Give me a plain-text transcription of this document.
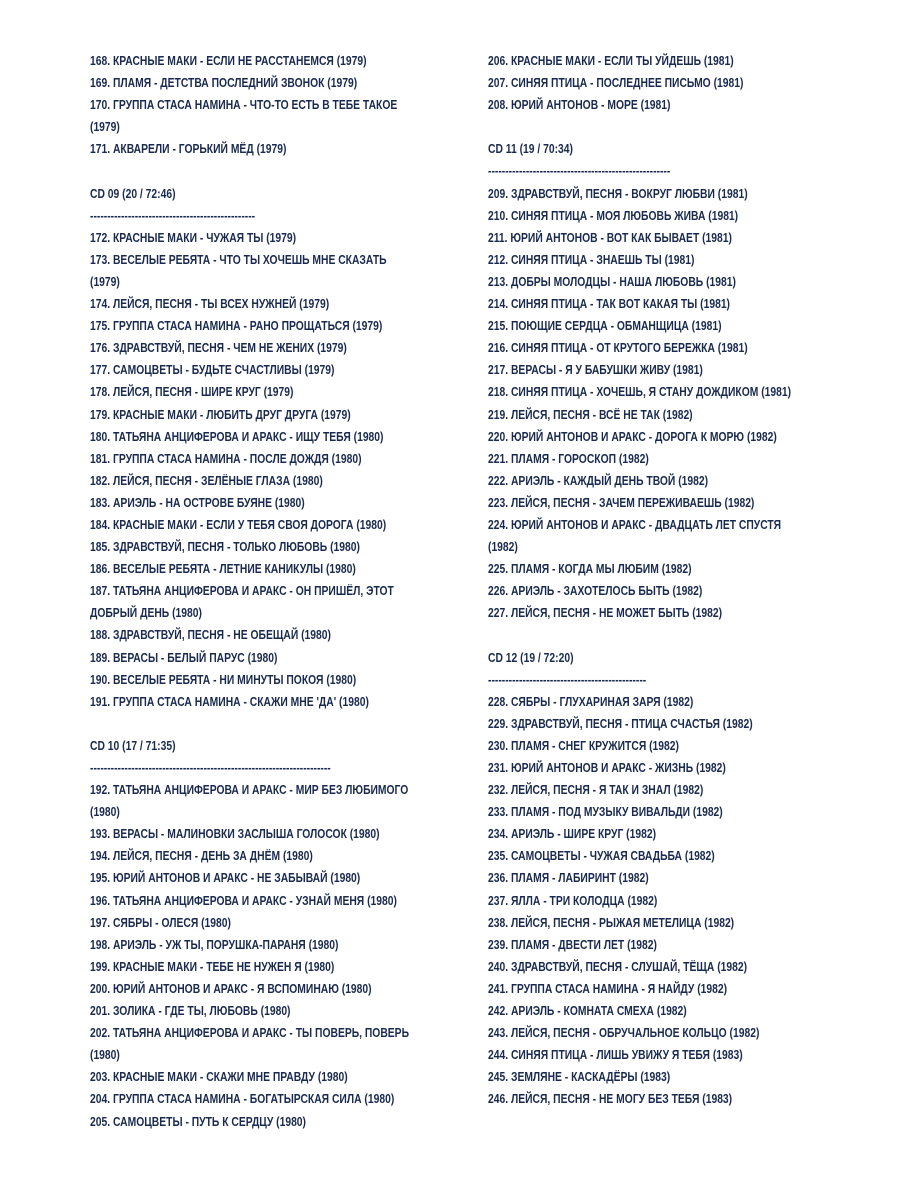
168. КРАСНЫЕ МАКИ - ЕСЛИ НЕ РАССТАНЕМСЯ (1979)
169. ПЛАМЯ - ДЕТСТВА ПОСЛЕДНИЙ ЗВОНОК (1979)
170. ГРУППА СТАСА НАМИНА - ЧТО-ТО ЕСТЬ В ТЕБЕ ТАКОЕ
(1979)
171. АКВАРЕЛИ - ГОРЬКИЙ МЁД (1979)
CD 09 (20 / 72:46)
------------------------------------------------
172. КРАСНЫЕ МАКИ - ЧУЖАЯ ТЫ (1979)
173. ВЕСЕЛЫЕ РЕБЯТА - ЧТО ТЫ ХОЧЕШЬ МНЕ СКАЗАТЬ
(1979)
174. ЛЕЙСЯ, ПЕСНЯ - ТЫ ВСЕХ НУЖНЕЙ (1979)
175. ГРУППА СТАСА НАМИНА - РАНО ПРОЩАТЬСЯ (1979)
176. ЗДРАВСТВУЙ, ПЕСНЯ - ЧЕМ НЕ ЖЕНИХ (1979)
177. САМОЦВЕТЫ - БУДЬТЕ СЧАСТЛИВЫ (1979)
178. ЛЕЙСЯ, ПЕСНЯ - ШИРЕ КРУГ (1979)
179. КРАСНЫЕ МАКИ - ЛЮБИТЬ ДРУГ ДРУГА (1979)
180. ТАТЬЯНА АНЦИФЕРОВА И АРАКС - ИЩУ ТЕБЯ (1980)
181. ГРУППА СТАСА НАМИНА - ПОСЛЕ ДОЖДЯ (1980)
182. ЛЕЙСЯ, ПЕСНЯ - ЗЕЛЁНЫЕ ГЛАЗА (1980)
183. АРИЭЛЬ - НА ОСТРОВЕ БУЯНЕ (1980)
184. КРАСНЫЕ МАКИ - ЕСЛИ У ТЕБЯ СВОЯ ДОРОГА (1980)
185. ЗДРАВСТВУЙ, ПЕСНЯ - ТОЛЬКО ЛЮБОВЬ (1980)
186. ВЕСЕЛЫЕ РЕБЯТА - ЛЕТНИЕ КАНИКУЛЫ (1980)
187. ТАТЬЯНА АНЦИФЕРОВА И АРАКС - ОН ПРИШЁЛ, ЭТОТ
ДОБРЫЙ ДЕНЬ (1980)
188. ЗДРАВСТВУЙ, ПЕСНЯ - НЕ ОБЕЩАЙ (1980)
189. ВЕРАСЫ - БЕЛЫЙ ПАРУС (1980)
190. ВЕСЕЛЫЕ РЕБЯТА - НИ МИНУТЫ ПОКОЯ (1980)
191. ГРУППА СТАСА НАМИНА - СКАЖИ МНЕ 'ДА' (1980)
CD 10 (17 / 71:35)
----------------------------------------------------------------------
192. ТАТЬЯНА АНЦИФЕРОВА И АРАКС - МИР БЕЗ ЛЮБИМОГО
(1980)
193. ВЕРАСЫ - МАЛИНОВКИ ЗАСЛЫША ГОЛОСОК (1980)
194. ЛЕЙСЯ, ПЕСНЯ - ДЕНЬ ЗА ДНЁМ (1980)
195. ЮРИЙ АНТОНОВ И АРАКС - НЕ ЗАБЫВАЙ (1980)
196. ТАТЬЯНА АНЦИФЕРОВА И АРАКС - УЗНАЙ МЕНЯ (1980)
197. СЯБРЫ - ОЛЕСЯ (1980)
198. АРИЭЛЬ - УЖ ТЫ, ПОРУШКА-ПАРАНЯ (1980)
199. КРАСНЫЕ МАКИ - ТЕБЕ НЕ НУЖЕН Я (1980)
200. ЮРИЙ АНТОНОВ И АРАКС - Я ВСПОМИНАЮ (1980)
201. ЗОЛИКА - ГДЕ ТЫ, ЛЮБОВЬ (1980)
202. ТАТЬЯНА АНЦИФЕРОВА И АРАКС - ТЫ ПОВЕРЬ, ПОВЕРЬ
(1980)
203. КРАСНЫЕ МАКИ - СКАЖИ МНЕ ПРАВДУ (1980)
204. ГРУППА СТАСА НАМИНА - БОГАТЫРСКАЯ СИЛА (1980)
205. САМОЦВЕТЫ - ПУТЬ К СЕРДЦУ (1980)
206. КРАСНЫЕ МАКИ - ЕСЛИ ТЫ УЙДЕШЬ (1981)
207. СИНЯЯ ПТИЦА - ПОСЛЕДНЕЕ ПИСЬМО (1981)
208. ЮРИЙ АНТОНОВ - МОРЕ (1981)
CD 11 (19 / 70:34)
-----------------------------------------------------
209. ЗДРАВСТВУЙ, ПЕСНЯ - ВОКРУГ ЛЮБВИ (1981)
210. СИНЯЯ ПТИЦА - МОЯ ЛЮБОВЬ ЖИВА (1981)
211. ЮРИЙ АНТОНОВ - ВОТ КАК БЫВАЕТ (1981)
212. СИНЯЯ ПТИЦА - ЗНАЕШЬ ТЫ (1981)
213. ДОБРЫ МОЛОДЦЫ - НАША ЛЮБОВЬ (1981)
214. СИНЯЯ ПТИЦА - ТАК ВОТ КАКАЯ ТЫ (1981)
215. ПОЮЩИЕ СЕРДЦА - ОБМАНЩИЦА (1981)
216. СИНЯЯ ПТИЦА - ОТ КРУТОГО БЕРЕЖКА (1981)
217. ВЕРАСЫ - Я У БАБУШКИ ЖИВУ (1981)
218. СИНЯЯ ПТИЦА - ХОЧЕШЬ, Я СТАНУ ДОЖДИКОМ (1981)
219. ЛЕЙСЯ, ПЕСНЯ - ВСЁ НЕ ТАК (1982)
220. ЮРИЙ АНТОНОВ И АРАКС - ДОРОГА К МОРЮ (1982)
221. ПЛАМЯ - ГОРОСКОП (1982)
222. АРИЭЛЬ - КАЖДЫЙ ДЕНЬ ТВОЙ (1982)
223. ЛЕЙСЯ, ПЕСНЯ - ЗАЧЕМ ПЕРЕЖИВАЕШЬ (1982)
224. ЮРИЙ АНТОНОВ И АРАКС - ДВАДЦАТЬ ЛЕТ СПУСТЯ
(1982)
225. ПЛАМЯ - КОГДА МЫ ЛЮБИМ (1982)
226. АРИЭЛЬ - ЗАХОТЕЛОСЬ БЫТЬ (1982)
227. ЛЕЙСЯ, ПЕСНЯ - НЕ МОЖЕТ БЫТЬ (1982)
CD 12 (19 / 72:20)
----------------------------------------------
228. СЯБРЫ - ГЛУХАРИНАЯ ЗАРЯ (1982)
229. ЗДРАВСТВУЙ, ПЕСНЯ - ПТИЦА СЧАСТЬЯ (1982)
230. ПЛАМЯ - СНЕГ КРУЖИТСЯ (1982)
231. ЮРИЙ АНТОНОВ И АРАКС - ЖИЗНЬ (1982)
232. ЛЕЙСЯ, ПЕСНЯ - Я ТАК И ЗНАЛ (1982)
233. ПЛАМЯ - ПОД МУЗЫКУ ВИВАЛЬДИ (1982)
234. АРИЭЛЬ - ШИРЕ КРУГ (1982)
235. САМОЦВЕТЫ - ЧУЖАЯ СВАДЬБА (1982)
236. ПЛАМЯ - ЛАБИРИНТ (1982)
237. ЯЛЛА - ТРИ КОЛОДЦА (1982)
238. ЛЕЙСЯ, ПЕСНЯ - РЫЖАЯ МЕТЕЛИЦА (1982)
239. ПЛАМЯ - ДВЕСТИ ЛЕТ (1982)
240. ЗДРАВСТВУЙ, ПЕСНЯ - СЛУШАЙ, ТЁЩА (1982)
241. ГРУППА СТАСА НАМИНА - Я НАЙДУ (1982)
242. АРИЭЛЬ - КОМНАТА СМЕХА (1982)
243. ЛЕЙСЯ, ПЕСНЯ - ОБРУЧАЛЬНОЕ КОЛЬЦО (1982)
244. СИНЯЯ ПТИЦА - ЛИШЬ УВИЖУ Я ТЕБЯ (1983)
245. ЗЕМЛЯНЕ - КАСКАДЁРЫ (1983)
246. ЛЕЙСЯ, ПЕСНЯ - НЕ МОГУ БЕЗ ТЕБЯ (1983)
